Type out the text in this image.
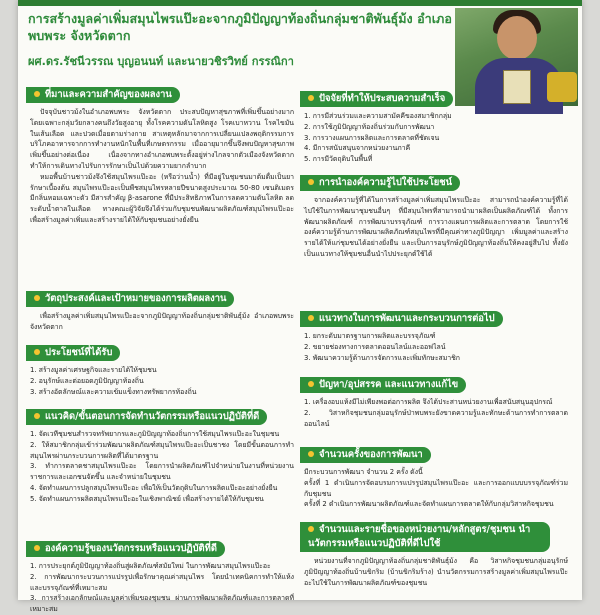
การสร้างมูลค่าเพิ่มสมุนไพรแป๊ะอะจากภูมิปัญญาท้องถิ่นกลุ่มชาติพันธุ์ม้ง อำเภอพบพระ จังหวัดตาก
ผศ.ดร.รัชนีวรรณ บุญอนนท์ และนายวชิรวิทย์ กรรณิกา
ที่มาและความสำคัญของผลงาน

ปัจจุบันชาวม้งในอำเภอพบพระ จังหวัดตาก ประสบปัญหาสุขภาพที่เพิ่มขึ้นอย่างมาก โดยเฉพาะกลุ่มวัยกลางคนถึงวัยสูงอายุ ทั้งโรคความดันโลหิตสูง โรคเบาหวาน โรคไขมันในเส้นเลือด และปวดเมื่อยตามร่างกาย สาเหตุหลักมาจากการเปลี่ยนแปลงพฤติกรรมการบริโภคอาหารจากการทำงานหนักในพื้นที่เกษตรกรรม เมื่ออายุมากขึ้นจึงพบปัญหาสุขภาพเพิ่มขึ้นอย่างต่อเนื่อง เนื่องจากทางอำเภอพบพระตั้งอยู่ห่างไกลจากตัวเมืองจังหวัดตาก ทำให้การเดินทางไปรับการรักษาเป็นไปด้วยความยากลำบาก

หมอพื้นบ้านชาวม้งจึงใช้สมุนไพรแป๊ะอะ (หรือว่านน้ำ) ที่มีอยู่ในชุมชนมาต้มดื่มเป็นยารักษาเบื้องต้น สมุนไพรแป๊ะอะเป็นพืชสมุนไพรหลายปีขนาดสูงประมาณ 50-80 เซนติเมตร มีกลิ่นหอมเฉพาะตัว มีสารสำคัญ β-asarone ที่มีประสิทธิภาพในการลดความดันโลหิต ลดระดับน้ำตาลในเลือด ทางคณะผู้วิจัยจึงได้ร่วมกับชุมชนพัฒนาผลิตภัณฑ์สมุนไพรแป๊ะอะ เพื่อสร้างมูลค่าเพิ่มและสร้างรายได้ให้กับชุมชนอย่างยั่งยืน

วัตถุประสงค์และเป้าหมายของการผลิตผลงาน

เพื่อสร้างมูลค่าเพิ่มสมุนไพรแป๊ะอะจากภูมิปัญญาท้องถิ่นกลุ่มชาติพันธุ์ม้ง อำเภอพบพระ จังหวัดตาก

ประโยชน์ที่ได้รับ
1. สร้างมูลค่าเศรษฐกิจและรายได้ให้ชุมชน
2. อนุรักษ์และต่อยอดภูมิปัญญาท้องถิ่น
3. สร้างอัตลักษณ์และความเข้มแข็งทางทรัพยากรท้องถิ่น
แนวคิด/ขั้นตอนการจัดทำนวัตกรรมหรือแนวปฏิบัติที่ดี
1. จัดเวทีชุมชนสำรวจทรัพยากรและภูมิปัญญาท้องถิ่นการใช้สมุนไพรแป๊ะอะในชุมชน
2. ให้สมาชิกกลุ่มเข้าร่วมพัฒนาผลิตภัณฑ์สมุนไพรแป๊ะอะเป็นชาชง โดยมีขั้นตอนการทำสมุนไพรผ่านกระบวนการผลิตที่ได้มาตรฐาน
3. ทำการตลาดชาสมุนไพรแป๊ะอะ โดยการนำผลิตภัณฑ์ไปจำหน่ายในงานที่หน่วยงานราชการและเอกชนจัดขึ้น และจำหน่ายในชุมชน
4. จัดทำแผนการปลูกสมุนไพรแป๊ะอะ เพื่อให้เป็นวัตถุดิบในการผลิตแป๊ะอะอย่างยั่งยืน
5. จัดทำแผนการผลิตสมุนไพรแป๊ะอะในเชิงพาณิชย์ เพื่อสร้างรายได้ให้กับชุมชน
องค์ความรู้ของนวัตกรรมหรือแนวปฏิบัติที่ดี
1. การประยุกต์ภูมิปัญญาท้องถิ่นสู่ผลิตภัณฑ์สมัยใหม่ ในการพัฒนาสมุนไพรแป๊ะอะ
2. การพัฒนากระบวนการแปรรูปเพื่อรักษาคุณค่าสมุนไพร โดยนำเทคนิคการทำให้แห้งและบรรจุภัณฑ์ที่เหมาะสม
3. การสร้างเอกลักษณ์และมูลค่าเพิ่มของชุมชน ผ่านการพัฒนาผลิตภัณฑ์และการตลาดที่เหมาะสม
ปัจจัยที่ทำให้ประสบความสำเร็จ
1. การมีส่วนร่วมและความสามัคคีของสมาชิกกลุ่ม
2. การใช้ภูมิปัญญาท้องถิ่นร่วมกับการพัฒนา
3. การวางแผนการผลิตและการตลาดที่ชัดเจน
4. มีการสนับสนุนจากหน่วยงานภาคี
5. การมีวัตถุดิบในพื้นที่
การนำองค์ความรู้ไปใช้ประโยชน์

จากองค์ความรู้ที่ได้ในการสร้างมูลค่าเพิ่มสมุนไพรแป๊ะอะ สามารถนำองค์ความรู้ที่ได้ไปใช้ในการพัฒนาชุมชนอื่นๆ ที่มีสมุนไพรที่สามารถนำมาผลิตเป็นผลิตภัณฑ์ได้ ทั้งการพัฒนาผลิตภัณฑ์ การพัฒนาบรรจุภัณฑ์ การวางแผนการผลิตและการตลาด โดยการใช้องค์ความรู้ด้านการพัฒนาผลิตภัณฑ์สมุนไพรที่มีคุณค่าทางภูมิปัญญา เพิ่มมูลค่าและสร้างรายได้ให้แก่ชุมชนได้อย่างยั่งยืน และเป็นการอนุรักษ์ภูมิปัญญาท้องถิ่นให้คงอยู่สืบไป ทั้งยังเป็นแนวทางให้ชุมชนอื่นนำไปประยุกต์ใช้ได้

แนวทางในการพัฒนาและกระบวนการต่อไป
1. ยกระดับมาตรฐานการผลิตและบรรจุภัณฑ์
2. ขยายช่องทางการตลาดออนไลน์และออฟไลน์
3. พัฒนาความรู้ด้านการจัดการและเพิ่มทักษะสมาชิก
ปัญหา/อุปสรรค และแนวทางแก้ไข
1. เครื่องอบแห้งมีไม่เพียงพอต่อการผลิต จึงได้ประสานหน่วยงานเพื่อสนับสนุนอุปกรณ์
2. วิสาหกิจชุมชนกลุ่มอนุรักษ์ป่าพบพระยังขาดความรู้และทักษะด้านการทำการตลาดออนไลน์
จำนวนครั้งของการพัฒนา
มีกระบวนการพัฒนา จำนวน 2 ครั้ง ดังนี้
ครั้งที่ 1 ดำเนินการจัดอบรมการแปรรูปสมุนไพรแป๊ะอะ และการออกแบบบรรจุภัณฑ์ร่วมกับชุมชน
ครั้งที่ 2 ดำเนินการพัฒนาผลิตภัณฑ์และจัดทำแผนการตลาดให้กับกลุ่มวิสาหกิจชุมชน
จำนวนและรายชื่อของหน่วยงาน/หลักสูตร/ชุมชน นำนวัตกรรมหรือแนวปฏิบัติที่ดีไปใช้

หน่วยงานที่จากภูมิปัญญาท้องถิ่นกลุ่มชาติพันธุ์ม้ง คือ วิสาหกิจชุมชนกลุ่มอนุรักษ์ภูมิปัญญาท้องถิ่นบ้านขิกริม (บ้านขิกริมร้าง) นำนวัตกรรมการสร้างมูลค่าเพิ่มสมุนไพรแป๊ะอะไปใช้ในการพัฒนาผลิตภัณฑ์ของชุมชน
